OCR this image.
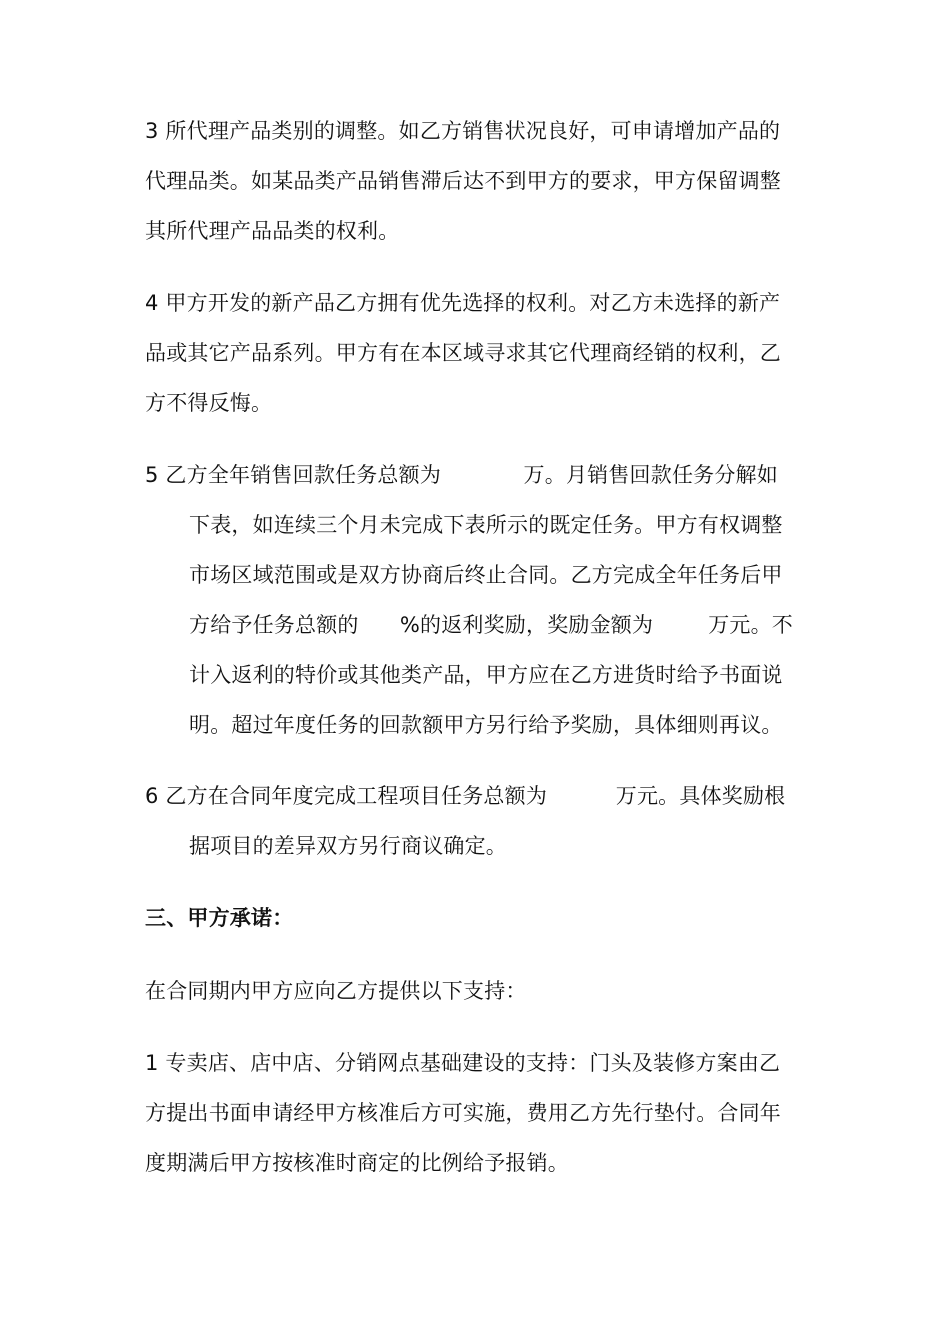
3 所代理产品类别的调整。如乙方销售状况良好，可申请增加产品的
代理品类。如某品类产品销售滞后达不到甲方的要求，甲方保留调整
其所代理产品品类的权利。

4 甲方开发的新产品乙方拥有优先选择的权利。对乙方未选择的新产
品或其它产品系列。甲方有在本区域寻求其它代理商经销的权利，乙
方不得反悔。

5 乙方全年销售回款任务总额为            万。月销售回款任务分解如
下表，如连续三个月未完成下表所示的既定任务。甲方有权调整
市场区域范围或是双方协商后终止合同。乙方完成全年任务后甲
方给予任务总额的      %的返利奖励，奖励金额为        万元。不
计入返利的特价或其他类产品，甲方应在乙方进货时给予书面说
明。超过年度任务的回款额甲方另行给予奖励，具体细则再议。

6 乙方在合同年度完成工程项目任务总额为          万元。具体奖励根
据项目的差异双方另行商议确定。

三、甲方承诺：

在合同期内甲方应向乙方提供以下支持：

1 专卖店、店中店、分销网点基础建设的支持：门头及装修方案由乙
方提出书面申请经甲方核准后方可实施，费用乙方先行垫付。合同年
度期满后甲方按核准时商定的比例给予报销。
